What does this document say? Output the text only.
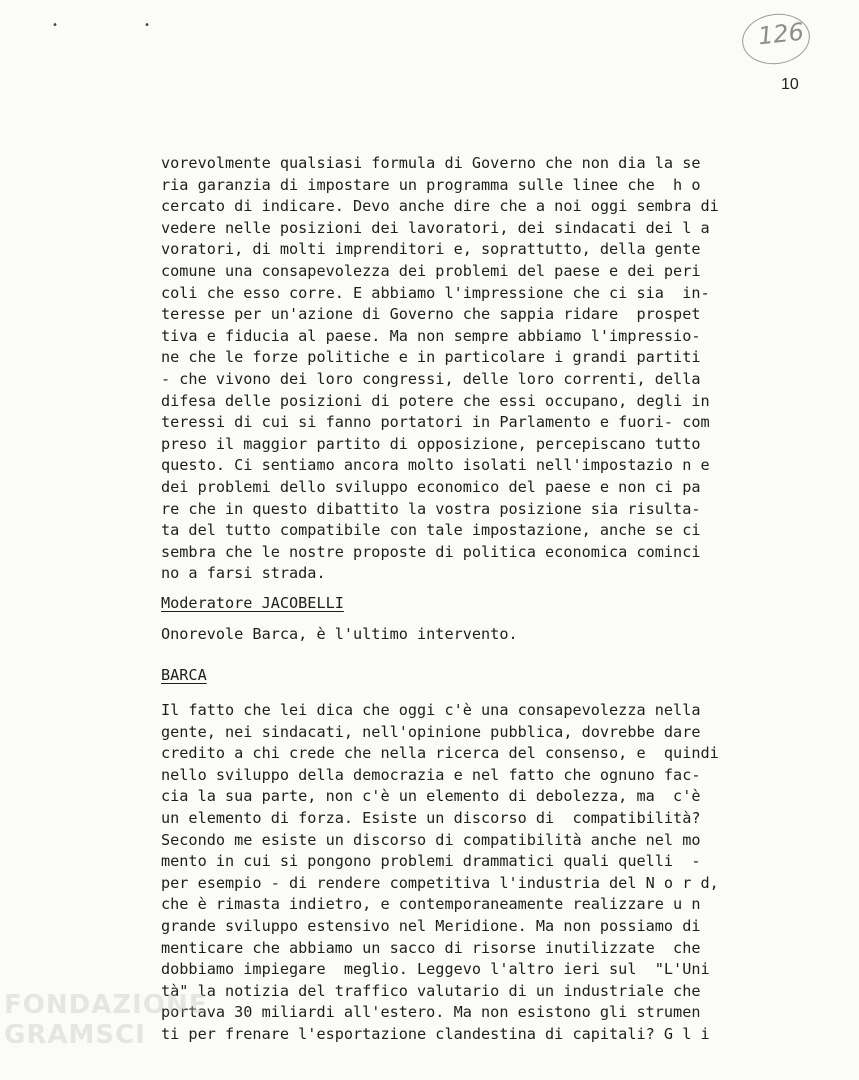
• •	126
10
vorevolmente qualsiasi formula di Governo che non dia la se
ria garanzia di impostare un programma sulle linee che  h o
cercato di indicare. Devo anche dire che a noi oggi sembra di
vedere nelle posizioni dei lavoratori, dei sindacati dei l a
voratori, di molti imprenditori e, soprattutto, della gente
comune una consapevolezza dei problemi del paese e dei peri
coli che esso corre. E abbiamo l'impressione che ci sia  in-
teresse per un'azione di Governo che sappia ridare  prospet
tiva e fiducia al paese. Ma non sempre abbiamo l'impressio-
ne che le forze politiche e in particolare i grandi partiti
- che vivono dei loro congressi, delle loro correnti, della
difesa delle posizioni di potere che essi occupano, degli in
teressi di cui si fanno portatori in Parlamento e fuori- com
preso il maggior partito di opposizione, percepiscano tutto
questo. Ci sentiamo ancora molto isolati nell'impostazio n e
dei problemi dello sviluppo economico del paese e non ci pa
re che in questo dibattito la vostra posizione sia risulta-
ta del tutto compatibile con tale impostazione, anche se ci
sembra che le nostre proposte di politica economica cominci
no a farsi strada.
Moderatore JACOBELLI
Onorevole Barca, è l'ultimo intervento.
BARCA
Il fatto che lei dica che oggi c'è una consapevolezza nella
gente, nei sindacati, nell'opinione pubblica, dovrebbe dare
credito a chi crede che nella ricerca del consenso, e  quindi
nello sviluppo della democrazia e nel fatto che ognuno fac-
cia la sua parte, non c'è un elemento di debolezza, ma  c'è
un elemento di forza. Esiste un discorso di  compatibilità?
Secondo me esiste un discorso di compatibilità anche nel mo
mento in cui si pongono problemi drammatici quali quelli  -
per esempio - di rendere competitiva l'industria del N o r d,
che è rimasta indietro, e contemporaneamente realizzare u n
grande sviluppo estensivo nel Meridione. Ma non possiamo di
menticare che abbiamo un sacco di risorse inutilizzate  che
dobbiamo impiegare  meglio. Leggevo l'altro ieri sul  "L'Uni
tà" la notizia del traffico valutario di un industriale che
portava 30 miliardi all'estero. Ma non esistono gli strumen
ti per frenare l'esportazione clandestina di capitali? G l i
FONDAZIONE
GRAMSCI
